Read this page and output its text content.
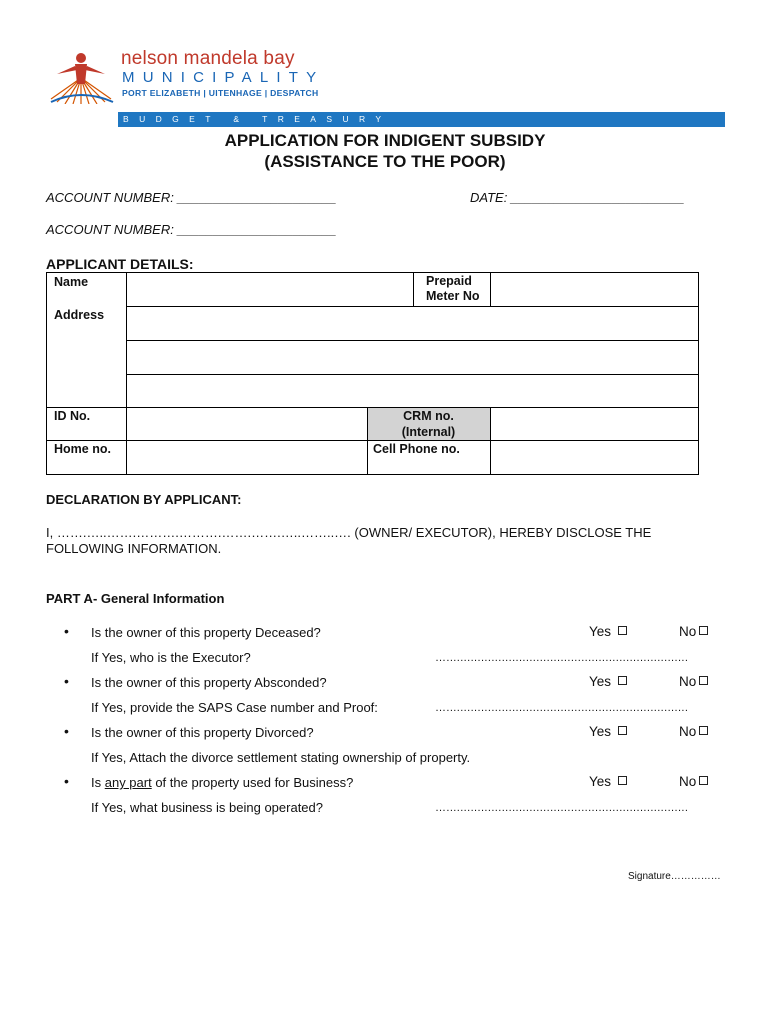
nelson mandela bay
MUNICIPALITY
PORT ELIZABETH | UITENHAGE | DESPATCH
BUDGET & TREASURY
APPLICATION FOR INDIGENT SUBSIDY
(ASSISTANCE TO THE POOR)
ACCOUNT NUMBER: ______________________	DATE: ________________________
ACCOUNT NUMBER: ______________________
APPLICANT DETAILS:
Name	Prepaid
Meter No
Address
ID No.	CRM no.
(Internal)
Home no.	Cell Phone no.
DECLARATION BY APPLICANT:
I, …….…..…….……….……….…….…….…..……..…. (OWNER/ EXECUTOR), HEREBY DISCLOSE THE
FOLLOWING INFORMATION.
PART A- General Information
• Is the owner of this property Deceased?	Yes	No
If Yes, who is the Executor?	…......................................................................
• Is the owner of this property Absconded?	Yes	No
If Yes, provide the SAPS Case number and Proof:	…......................................................................
• Is the owner of this property Divorced?	Yes	No
If Yes, Attach the divorce settlement stating ownership of property.
• Is any part of the property used for Business?	Yes	No
If Yes, what business is being operated?	…......................................................................
Signature……………
